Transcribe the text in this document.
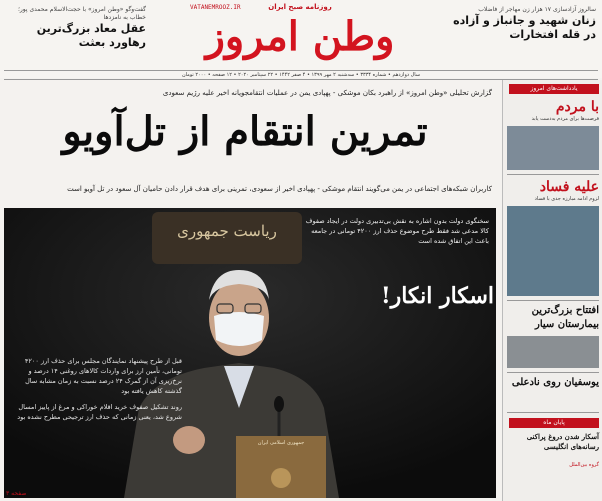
گفت‌وگو «وطن امروز» با حجت‌الاسلام محمدی پور؛ خطاب به نامزدها
عقل معاد بزرگ‌ترین رهاورد بعثت
VATANEMROOZ.IR	روزنامه صبح ایران
وطن امروز
سالروز آزادسازی ۱۷ هزار زن مهاجر از فاضلاب
زنان شهید و جانباز و آزاده در قله افتخارات
سال دوازدهم • شماره ۳۳۳۴ • سه‌شنبه ۲ مهر ۱۳۹۹ • ۴ صفر ۱۴۴۲ • ۲۲ سپتامبر ۲۰۲۰ • ۱۲ صفحه • ۲۰۰۰ تومان
گزارش تحلیلی «وطن امروز» از راهبرد بکان موشکی - پهپادی یمن در عملیات انتقامجویانه اخیر علیه رژیم سعودی
تمرین انتقام از تل‌آویو
کاربران شبکه‌های اجتماعی در یمن می‌گویند انتقام موشکی - پهپادی اخیر از سعودی، تمرینی برای هدف قرار دادن حامیان آل سعود در تل آویو است
سخنگوی دولت بدون اشاره به نقش بی‌تدبیری دولت در ایجاد صفوف کالا مدعی شد فقط طرح موضوع حذف ارز ۴۲۰۰ تومانی در جامعه باعث این اتفاق شده است
اسکار انکار!
ریاست جمهوری
جمهوری اسلامی ایران

قبل از طرح پیشنهاد نمایندگان مجلس برای حذف ارز ۴۲۰۰ تومانی، تأمین ارز برای واردات کالاهای روغنی ۱۴ درصد و نرخ‌ریزی آن از گمرک ۲۴ درصد نسبت به زمان مشابه سال گذشته کاهش یافته بود

روند تشکیل صفوف خرید اقلام خوراکی و مرغ از پاییز امسال شروع شد، یعنی زمانی که حذف ارز ترجیحی مطرح نشده بود

صفحه ۳
یادداشت‌های امروز
با مردم
فرصت‌ها برای مردم به‌دست یابد
علیه فساد
لزوم ادامه مبارزه جدی با فساد
افتتاح بزرگ‌ترین بیمارستان سیار
یوسفیان روی نادعلی
پایان ماه
آسکار شدن دروغ پراکنی رسانه‌های انگلیسی
گروه بین‌الملل
